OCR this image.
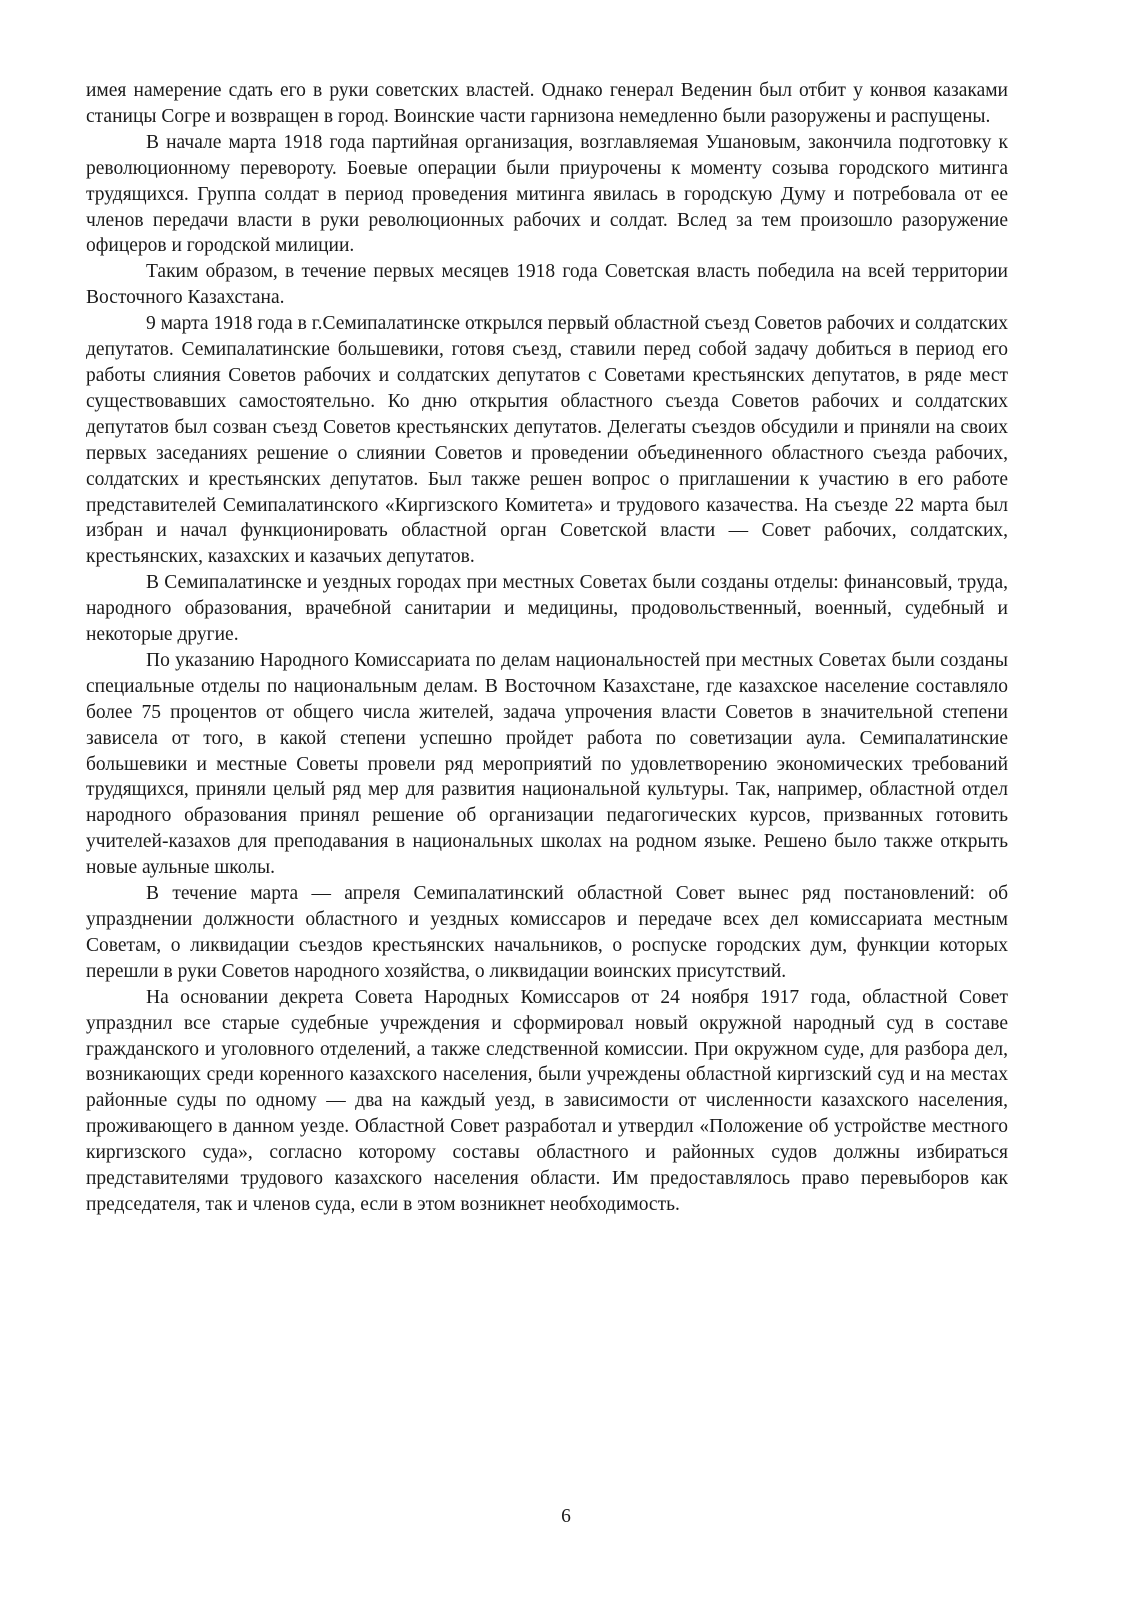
имея намерение сдать его в руки советских властей. Однако генерал Веденин был отбит у конвоя казаками станицы Согре и возвращен в город. Воинские части гарнизона немедленно были разоружены и распущены.

В начале марта 1918 года партийная организация, возглавляемая Ушановым, закончила подготовку к революционному перевороту. Боевые операции были приурочены к моменту созыва городского митинга трудящихся. Группа солдат в период проведения митинга явилась в городскую Думу и потребовала от ее членов передачи власти в руки революционных рабочих и солдат. Вслед за тем произошло разоружение офицеров и городской милиции.

Таким образом, в течение первых месяцев 1918 года Советская власть победила на всей территории Восточного Казахстана.

9 марта 1918 года в г.Семипалатинске открылся первый областной съезд Советов рабочих и солдатских депутатов. Семипалатинские большевики, готовя съезд, ставили перед собой задачу добиться в период его работы слияния Советов рабочих и солдатских депутатов с Советами крестьянских депутатов, в ряде мест существовавших самостоятельно. Ко дню открытия областного съезда Советов рабочих и солдатских депутатов был созван съезд Советов крестьянских депутатов. Делегаты съездов обсудили и приняли на своих первых заседаниях решение о слиянии Советов и проведении объединенного областного съезда рабочих, солдатских и крестьянских депутатов. Был также решен вопрос о приглашении к участию в его работе представителей Семипалатинского «Киргизского Комитета» и трудового казачества. На съезде 22 марта был избран и начал функционировать областной орган Советской власти — Совет рабочих, солдатских, крестьянских, казахских и казачьих депутатов.

В Семипалатинске и уездных городах при местных Советах были созданы отделы: финансовый, труда, народного образования, врачебной санитарии и медицины, продовольственный, военный, судебный и некоторые другие.

По указанию Народного Комиссариата по делам национальностей при местных Советах были созданы специальные отделы по национальным делам. В Восточном Казахстане, где казахское население составляло более 75 процентов от общего числа жителей, задача упрочения власти Советов в значительной степени зависела от того, в какой степени успешно пройдет работа по советизации аула. Семипалатинские большевики и местные Советы провели ряд мероприятий по удовлетворению экономических требований трудящихся, приняли целый ряд мер для развития национальной культуры. Так, например, областной отдел народного образования принял решение об организации педагогических курсов, призванных готовить учителей-казахов для преподавания в национальных школах на родном языке. Решено было также открыть новые аульные школы.

В течение марта — апреля Семипалатинский областной Совет вынес ряд постановлений: об упразднении должности областного и уездных комиссаров и передаче всех дел комиссариата местным Советам, о ликвидации съездов крестьянских начальников, о роспуске городских дум, функции которых перешли в руки Советов народного хозяйства, о ликвидации воинских присутствий.

На основании декрета Совета Народных Комиссаров от 24 ноября 1917 года, областной Совет упразднил все старые судебные учреждения и сформировал новый окружной народный суд в составе гражданского и уголовного отделений, а также следственной комиссии. При окружном суде, для разбора дел, возникающих среди коренного казахского населения, были учреждены областной киргизский суд и на местах районные суды по одному — два на каждый уезд, в зависимости от численности казахского населения, проживающего в данном уезде. Областной Совет разработал и утвердил «Положение об устройстве местного киргизского суда», согласно которому составы областного и районных судов должны избираться представителями трудового казахского населения области. Им предоставлялось право перевыборов как председателя, так и членов суда, если в этом возникнет необходимость.

6
